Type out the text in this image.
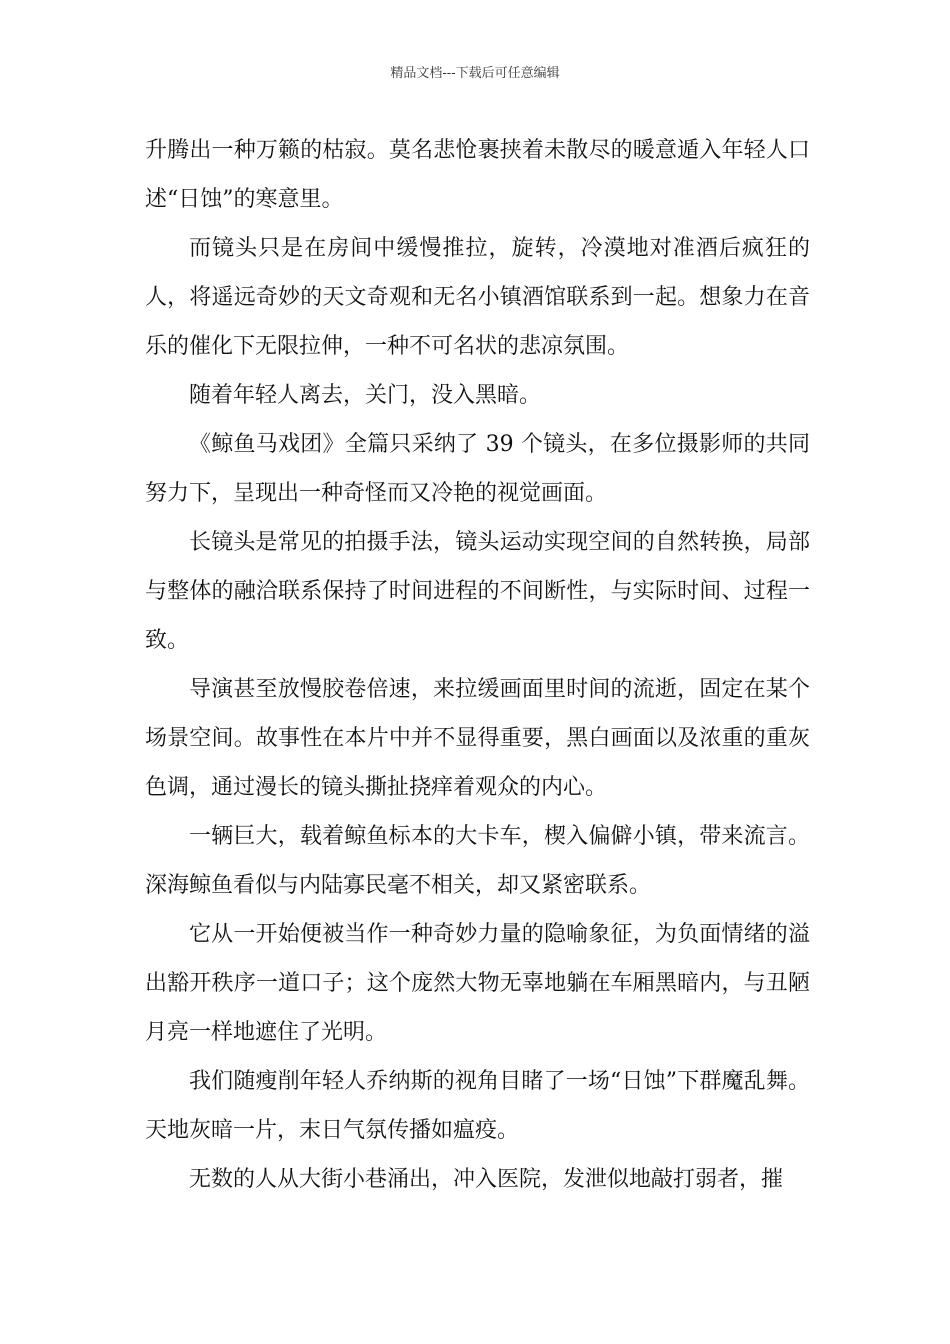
精品文档---下载后可任意编辑

升腾出一种万籁的枯寂。莫名悲怆裹挟着未散尽的暖意遁入年轻人口述“日蚀”的寒意里。

而镜头只是在房间中缓慢推拉，旋转，冷漠地对准酒后疯狂的人，将遥远奇妙的天文奇观和无名小镇酒馆联系到一起。想象力在音乐的催化下无限拉伸，一种不可名状的悲凉氛围。

随着年轻人离去，关门，没入黑暗。

《鲸鱼马戏团》全篇只采纳了 39 个镜头，在多位摄影师的共同努力下，呈现出一种奇怪而又冷艳的视觉画面。

长镜头是常见的拍摄手法，镜头运动实现空间的自然转换，局部与整体的融洽联系保持了时间进程的不间断性，与实际时间、过程一致。

导演甚至放慢胶卷倍速，来拉缓画面里时间的流逝，固定在某个场景空间。故事性在本片中并不显得重要，黑白画面以及浓重的重灰色调，通过漫长的镜头撕扯挠痒着观众的内心。

一辆巨大，载着鲸鱼标本的大卡车，楔入偏僻小镇，带来流言。深海鲸鱼看似与内陆寡民毫不相关，却又紧密联系。

它从一开始便被当作一种奇妙力量的隐喻象征，为负面情绪的溢出豁开秩序一道口子；这个庞然大物无辜地躺在车厢黑暗内，与丑陋月亮一样地遮住了光明。

我们随瘦削年轻人乔纳斯的视角目睹了一场“日蚀”下群魔乱舞。天地灰暗一片，末日气氛传播如瘟疫。

无数的人从大街小巷涌出，冲入医院，发泄似地敲打弱者，摧
